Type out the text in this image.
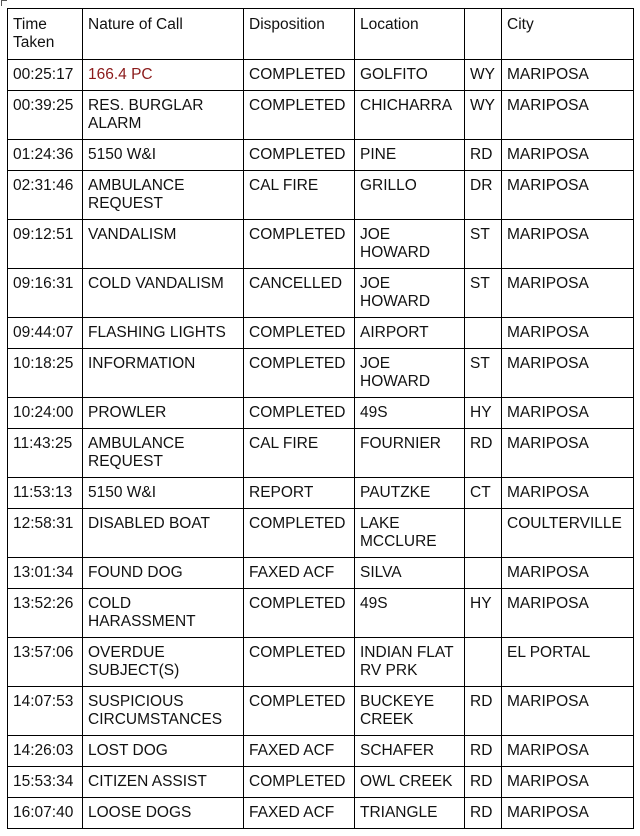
Time Taken	Nature of Call	Disposition	Location		City
00:25:17	166.4 PC	COMPLETED	GOLFITO	WY	MARIPOSA
00:39:25	RES. BURGLAR ALARM	COMPLETED	CHICHARRA	WY	MARIPOSA
01:24:36	5150 W&I	COMPLETED	PINE	RD	MARIPOSA
02:31:46	AMBULANCE REQUEST	CAL FIRE	GRILLO	DR	MARIPOSA
09:12:51	VANDALISM	COMPLETED	JOE HOWARD	ST	MARIPOSA
09:16:31	COLD VANDALISM	CANCELLED	JOE HOWARD	ST	MARIPOSA
09:44:07	FLASHING LIGHTS	COMPLETED	AIRPORT		MARIPOSA
10:18:25	INFORMATION	COMPLETED	JOE HOWARD	ST	MARIPOSA
10:24:00	PROWLER	COMPLETED	49S	HY	MARIPOSA
11:43:25	AMBULANCE REQUEST	CAL FIRE	FOURNIER	RD	MARIPOSA
11:53:13	5150 W&I	REPORT	PAUTZKE	CT	MARIPOSA
12:58:31	DISABLED BOAT	COMPLETED	LAKE MCCLURE		COULTERVILLE
13:01:34	FOUND DOG	FAXED ACF	SILVA		MARIPOSA
13:52:26	COLD HARASSMENT	COMPLETED	49S	HY	MARIPOSA
13:57:06	OVERDUE SUBJECT(S)	COMPLETED	INDIAN FLAT RV PRK		EL PORTAL
14:07:53	SUSPICIOUS CIRCUMSTANCES	COMPLETED	BUCKEYE CREEK	RD	MARIPOSA
14:26:03	LOST DOG	FAXED ACF	SCHAFER	RD	MARIPOSA
15:53:34	CITIZEN ASSIST	COMPLETED	OWL CREEK	RD	MARIPOSA
16:07:40	LOOSE DOGS	FAXED ACF	TRIANGLE	RD	MARIPOSA
